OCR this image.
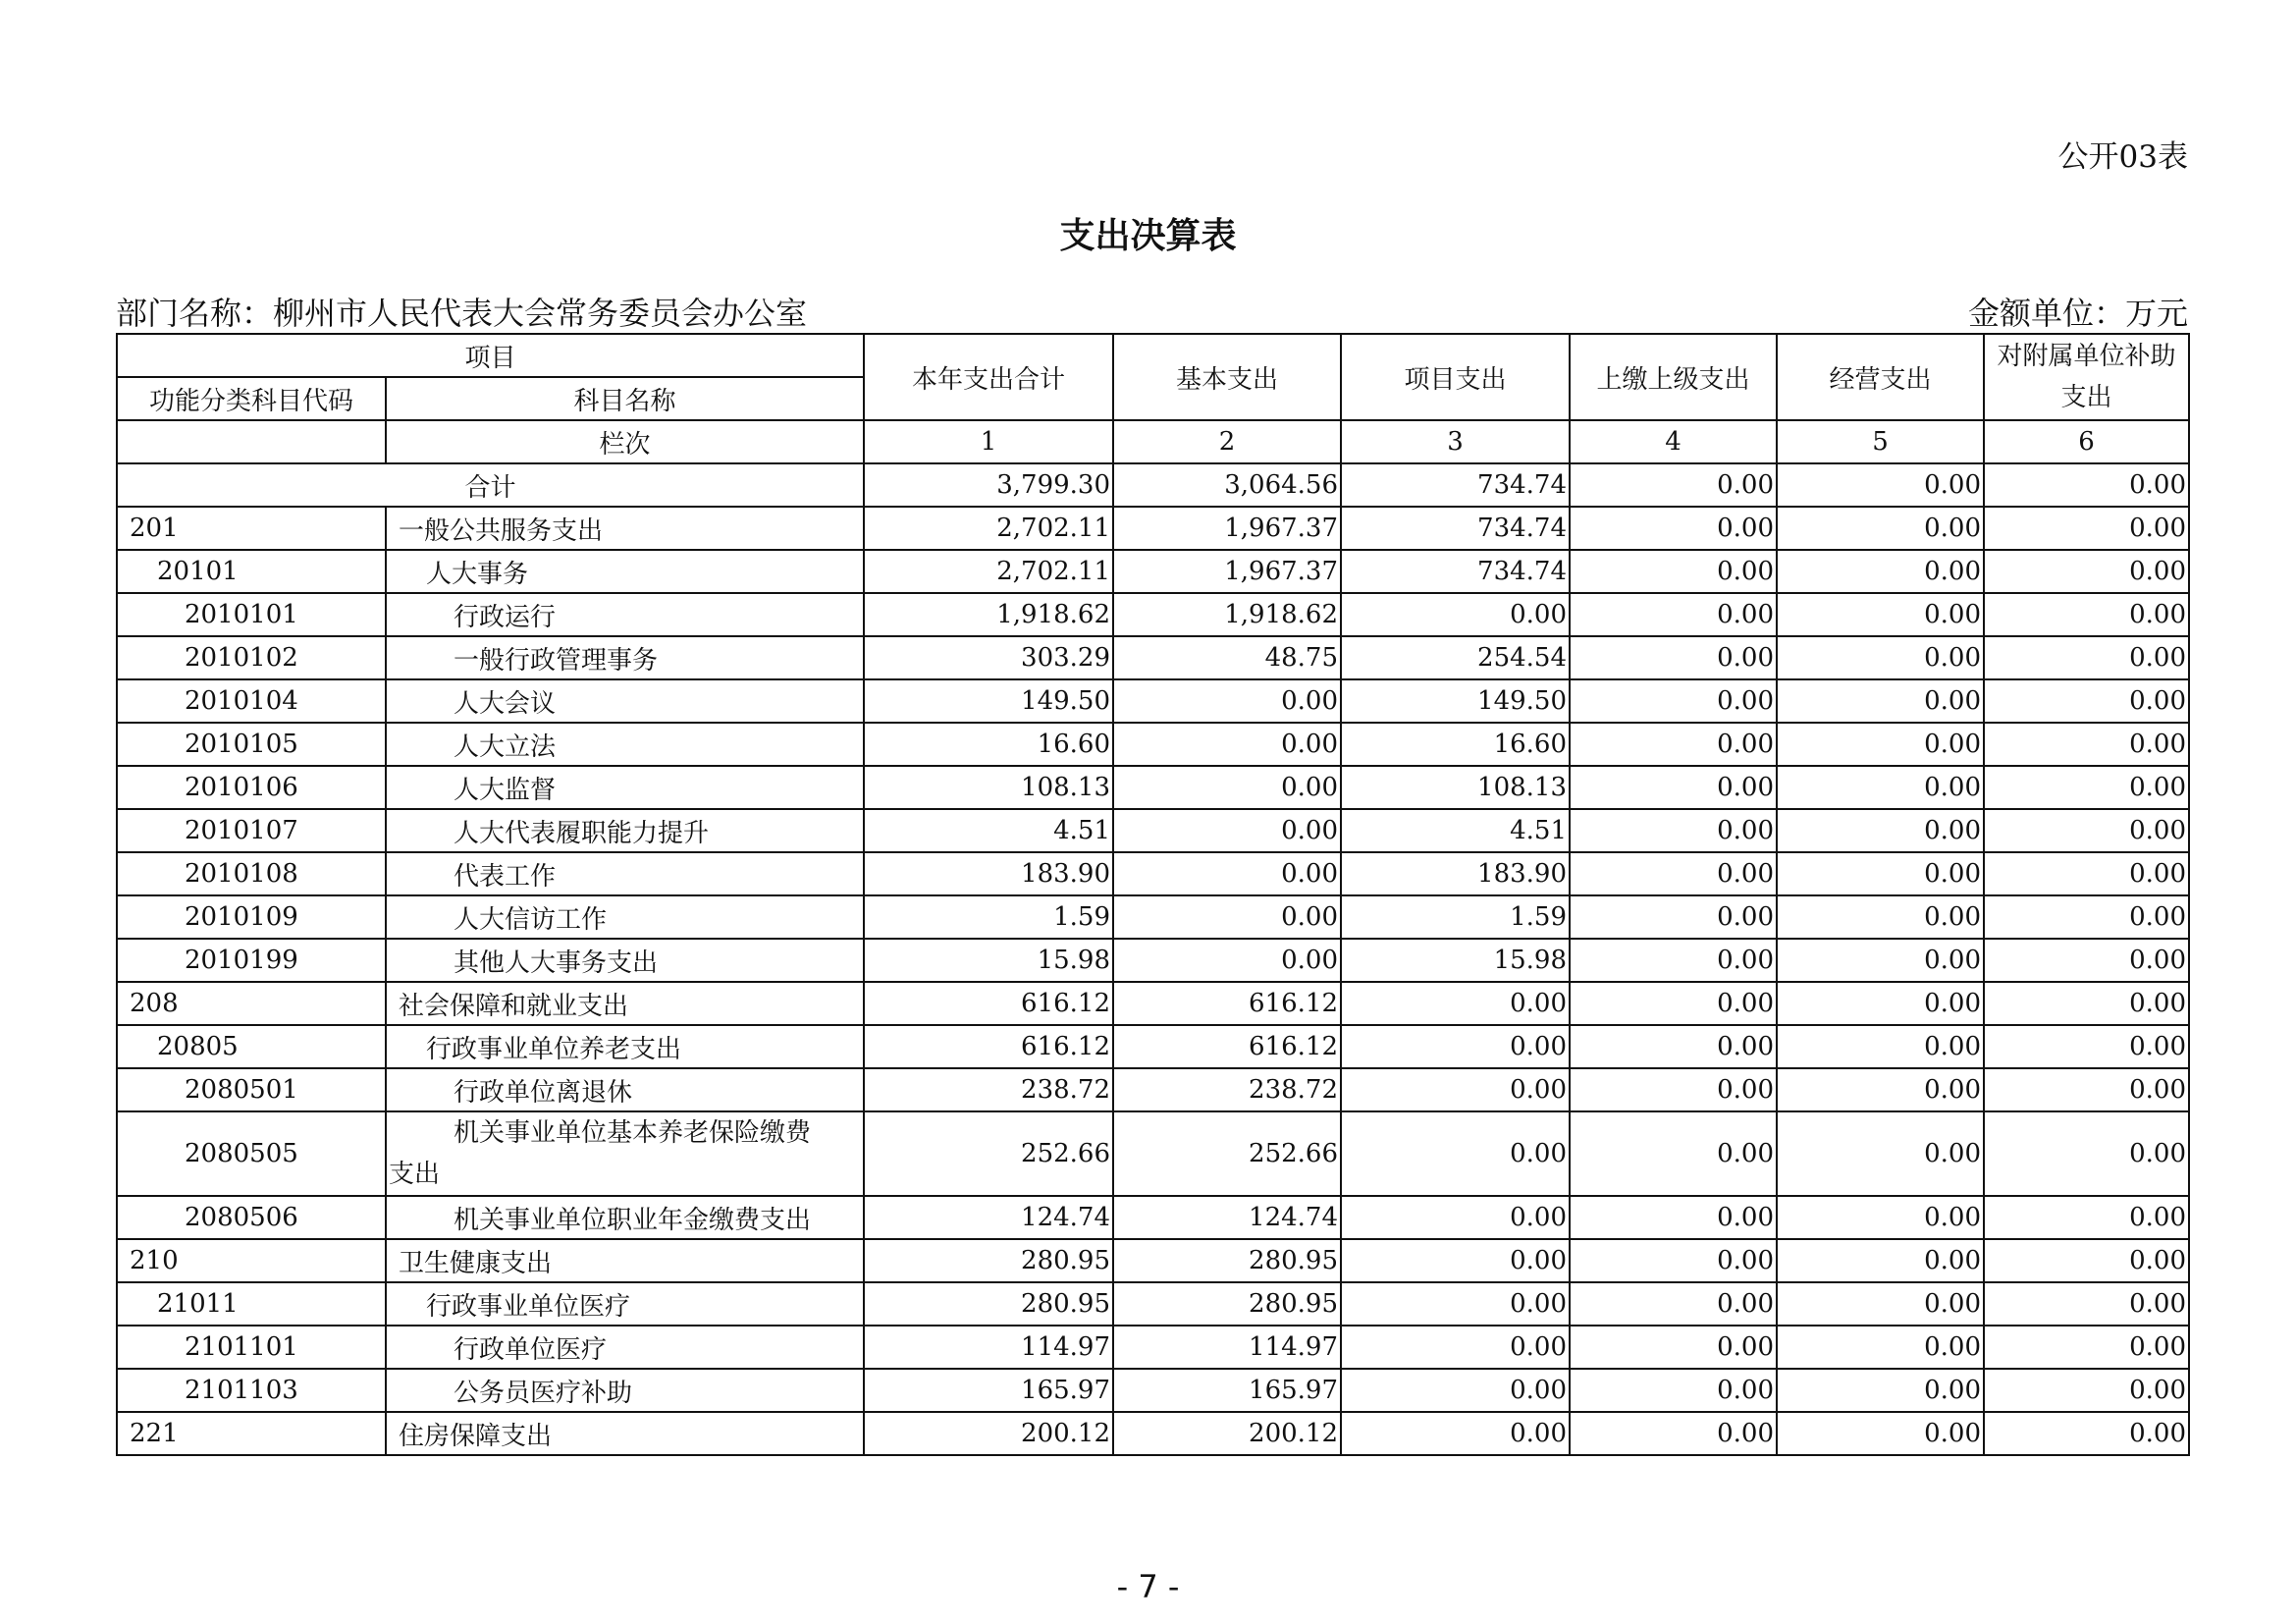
公开03表
支出决算表
部门名称：柳州市人民代表大会常务委员会办公室	金额单位：万元
项目		本年支出合计	基本支出	项目支出	上缴上级支出	经营支出	对附属单位补助
支出
功能分类科目代码	科目名称						
	栏次	1	2	3	4	5	6
合计		3,799.30	3,064.56	734.74	0.00	0.00	0.00
201	一般公共服务支出	2,702.11	1,967.37	734.74	0.00	0.00	0.00
20101	人大事务	2,702.11	1,967.37	734.74	0.00	0.00	0.00
2010101	行政运行	1,918.62	1,918.62	0.00	0.00	0.00	0.00
2010102	一般行政管理事务	303.29	48.75	254.54	0.00	0.00	0.00
2010104	人大会议	149.50	0.00	149.50	0.00	0.00	0.00
2010105	人大立法	16.60	0.00	16.60	0.00	0.00	0.00
2010106	人大监督	108.13	0.00	108.13	0.00	0.00	0.00
2010107	人大代表履职能力提升	4.51	0.00	4.51	0.00	0.00	0.00
2010108	代表工作	183.90	0.00	183.90	0.00	0.00	0.00
2010109	人大信访工作	1.59	0.00	1.59	0.00	0.00	0.00
2010199	其他人大事务支出	15.98	0.00	15.98	0.00	0.00	0.00
208	社会保障和就业支出	616.12	616.12	0.00	0.00	0.00	0.00
20805	行政事业单位养老支出	616.12	616.12	0.00	0.00	0.00	0.00
2080501	行政单位离退休	238.72	238.72	0.00	0.00	0.00	0.00
2080505	机关事业单位基本养老保险缴费
支出	252.66	252.66	0.00	0.00	0.00	0.00
2080506	机关事业单位职业年金缴费支出	124.74	124.74	0.00	0.00	0.00	0.00
210	卫生健康支出	280.95	280.95	0.00	0.00	0.00	0.00
21011	行政事业单位医疗	280.95	280.95	0.00	0.00	0.00	0.00
2101101	行政单位医疗	114.97	114.97	0.00	0.00	0.00	0.00
2101103	公务员医疗补助	165.97	165.97	0.00	0.00	0.00	0.00
221	住房保障支出	200.12	200.12	0.00	0.00	0.00	0.00
- 7 -
